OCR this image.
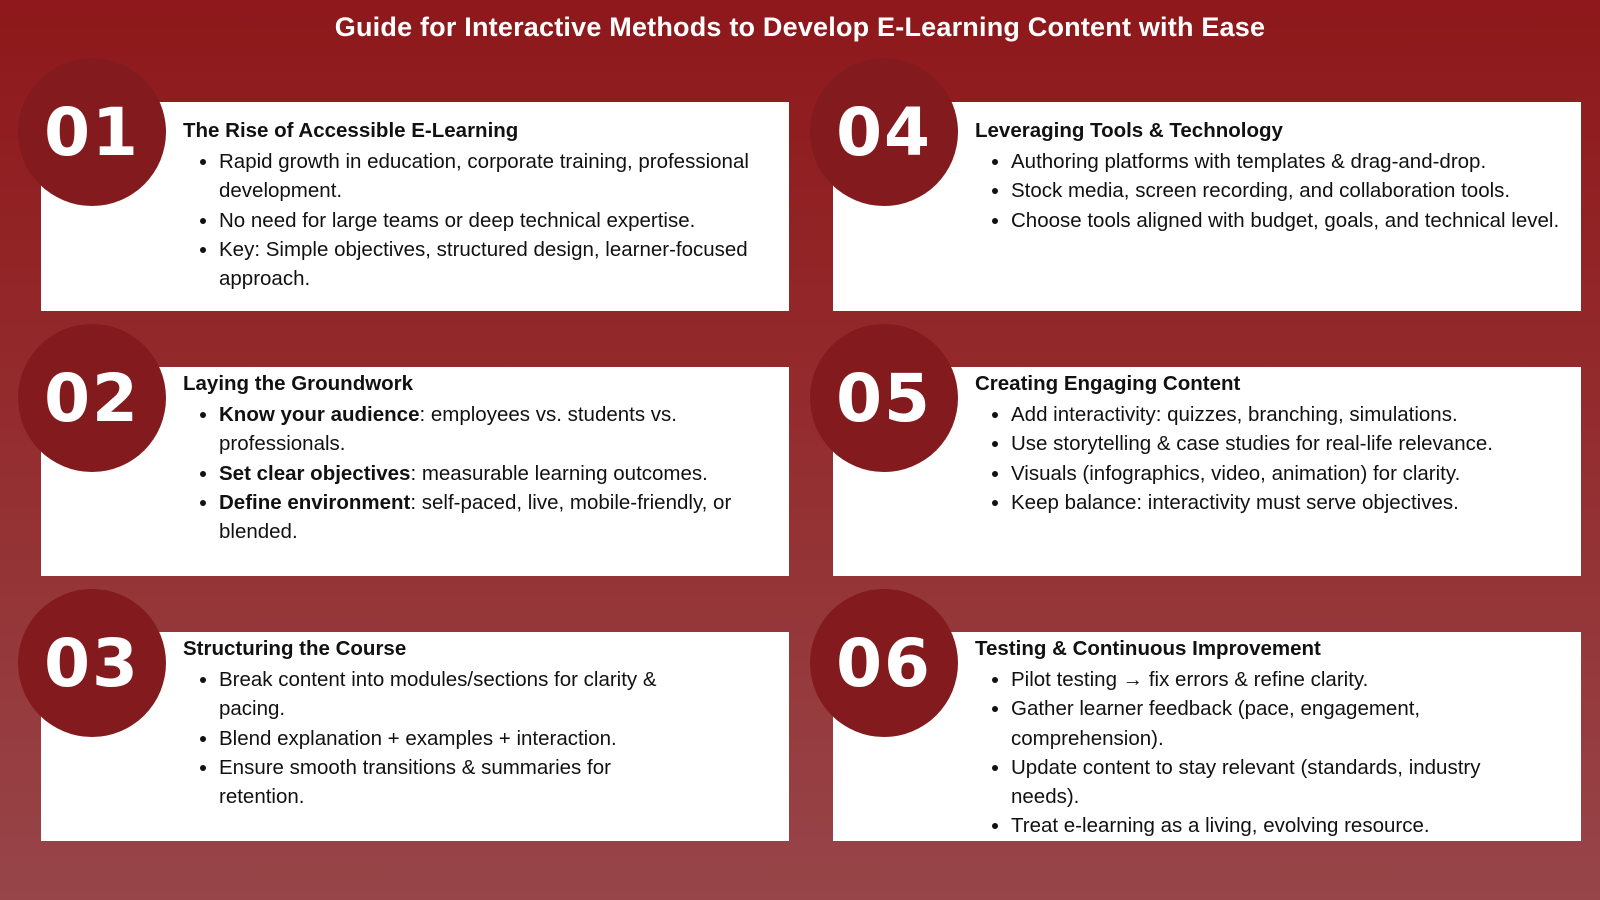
Guide for Interactive Methods to Develop E-Learning Content with Ease
The Rise of Accessible E-Learning
• Rapid growth in education, corporate training, professional development.
• No need for large teams or deep technical expertise.
• Key: Simple objectives, structured design, learner-focused approach.
Laying the Groundwork
• Know your audience: employees vs. students vs. professionals.
• Set clear objectives: measurable learning outcomes.
• Define environment: self-paced, live, mobile-friendly, or blended.
Structuring the Course
• Break content into modules/sections for clarity & pacing.
• Blend explanation + examples + interaction.
• Ensure smooth transitions & summaries for retention.
Leveraging Tools & Technology
• Authoring platforms with templates & drag-and-drop.
• Stock media, screen recording, and collaboration tools.
• Choose tools aligned with budget, goals, and technical level.
Creating Engaging Content
• Add interactivity: quizzes, branching, simulations.
• Use storytelling & case studies for real-life relevance.
• Visuals (infographics, video, animation) for clarity.
• Keep balance: interactivity must serve objectives.
Testing & Continuous Improvement
• Pilot testing → fix errors & refine clarity.
• Gather learner feedback (pace, engagement, comprehension).
• Update content to stay relevant (standards, industry needs).
• Treat e-learning as a living, evolving resource.
01
02
03
04
05
06
